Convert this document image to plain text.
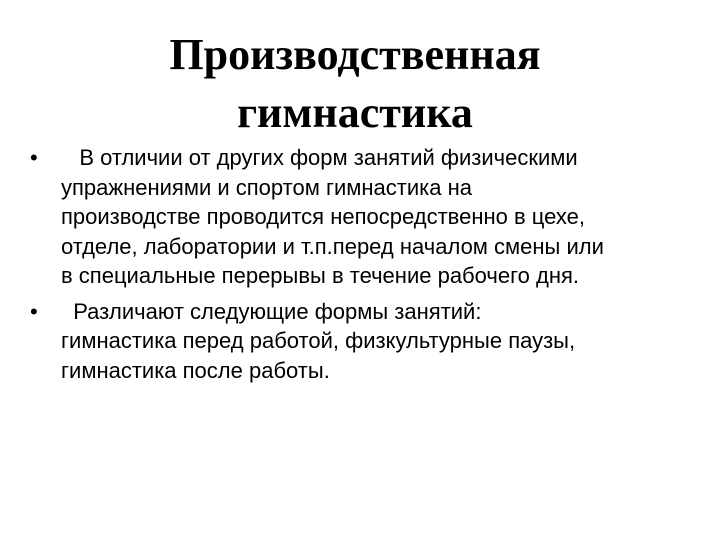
Производственная
гимнастика
• В отличии от других форм занятий физическими
упражнениями и спортом гимнастика на
производстве проводится непосредственно в цехе,
отделе, лаборатории и т.п.перед началом смены или
в специальные перерывы в течение рабочего дня.
• Различают следующие формы занятий:
гимнастика перед работой, физкультурные паузы,
гимнастика после работы.
